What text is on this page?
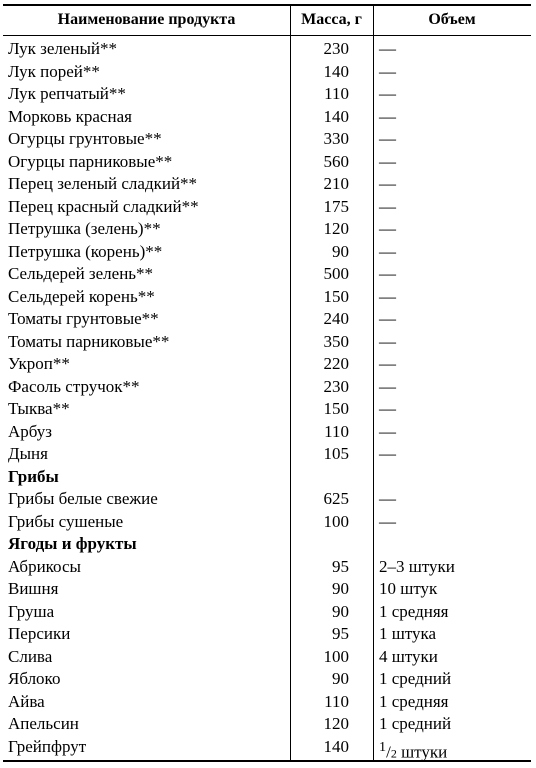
Наименование продукта	Масса, г	Объем
Лук зеленый**	230 —
Лук порей**	140 —
Лук репчатый**	110 —
Морковь красная	140 —
Огурцы грунтовые**	330 —
Огурцы парниковые**	560 —
Перец зеленый сладкий**	210 —
Перец красный сладкий**	175 —
Петрушка (зелень)**	120 —
Петрушка (корень)**	90 —
Сельдерей зелень**	500 —
Сельдерей корень**	150 —
Томаты грунтовые**	240 —
Томаты парниковые**	350 —
Укроп**	220 —
Фасоль стручок**	230 —
Тыква**	150 —
Арбуз	110 —
Дыня	105 —
Грибы
Грибы белые свежие	625 —
Грибы сушеные	100 —
Ягоды и фрукты
Абрикосы	95 2–3 штуки
Вишня	90 10 штук
Груша	90 1 средняя
Персики	95 1 штука
Слива	100 4 штуки
Яблоко	90 1 средний
Айва	110 1 средняя
Апельсин	120 1 средний
Грейпфрут	140 $^1$/2 штуки
